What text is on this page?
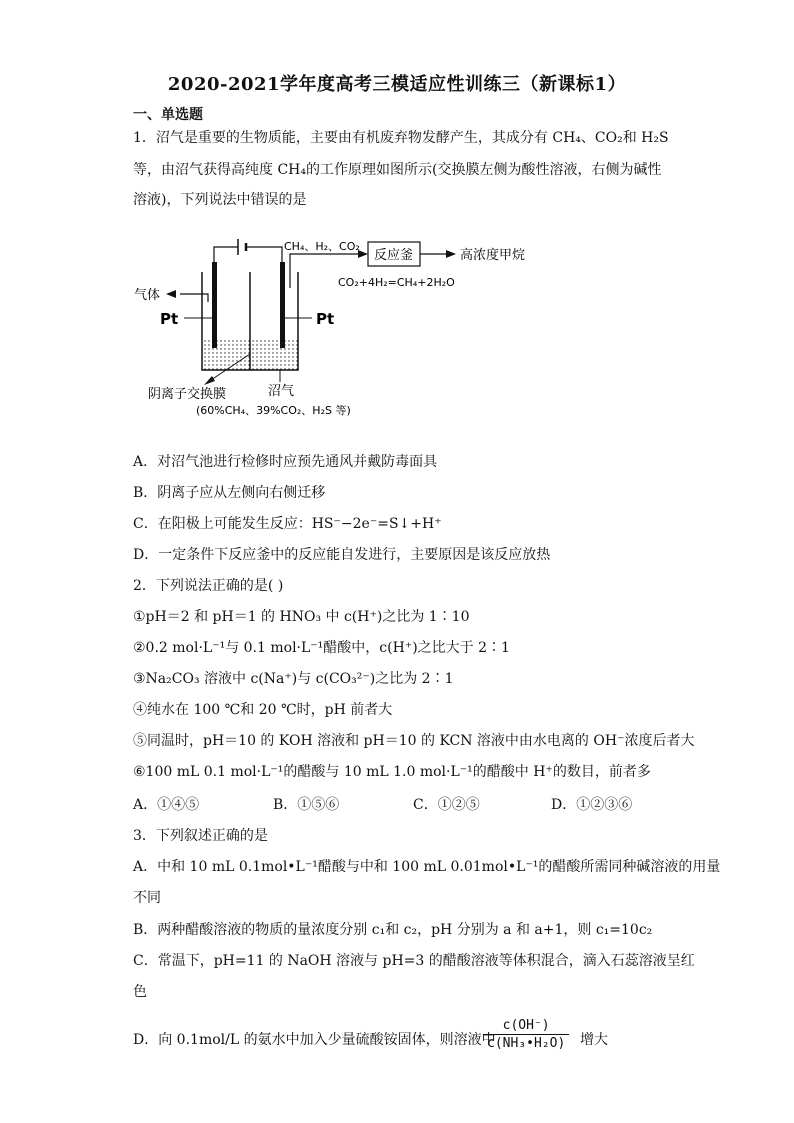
2020-2021学年度高考三模适应性训练三（新课标1）
一、单选题
1．沼气是重要的生物质能，主要由有机废弃物发酵产生，其成分有 CH₄、CO₂和 H₂S
等，由沼气获得高纯度 CH₄的工作原理如图所示(交换膜左侧为酸性溶液，右侧为碱性
溶液)，下列说法中错误的是
气体
CH₄、H₂、CO₂
反应釜	高浓度甲烷
CO₂+4H₂=CH₄+2H₂O
Pt	Pt
阴离子交换膜	沼气
(60%CH₄、39%CO₂、H₂S 等)
A．对沼气池进行检修时应预先通风并戴防毒面具
B．阴离子应从左侧向右侧迁移
C．在阳极上可能发生反应：HS⁻−2e⁻=S↓+H⁺
D．一定条件下反应釜中的反应能自发进行，主要原因是该反应放热
2．下列说法正确的是( )
①pH＝2 和 pH＝1 的 HNO₃ 中 c(H⁺)之比为 1∶10
②0.2 mol·L⁻¹与 0.1 mol·L⁻¹醋酸中，c(H⁺)之比大于 2∶1
③Na₂CO₃ 溶液中 c(Na⁺)与 c(CO₃²⁻)之比为 2∶1
④纯水在 100 ℃和 20 ℃时，pH 前者大
⑤同温时，pH＝10 的 KOH 溶液和 pH＝10 的 KCN 溶液中由水电离的 OH⁻浓度后者大
⑥100 mL 0.1 mol·L⁻¹的醋酸与 10 mL 1.0 mol·L⁻¹的醋酸中 H⁺的数目，前者多
A．①④⑤	B．①⑤⑥	C．①②⑤	D．①②③⑥
3．下列叙述正确的是
A．中和 10 mL 0.1mol•L⁻¹醋酸与中和 100 mL 0.01mol•L⁻¹的醋酸所需同种碱溶液的用量
不同
B．两种醋酸溶液的物质的量浓度分别 c₁和 c₂，pH 分别为 a 和 a+1，则 c₁=10c₂
C．常温下，pH=11 的 NaOH 溶液与 pH=3 的醋酸溶液等体积混合，滴入石蕊溶液呈红
色
D．向 0.1mol/L 的氨水中加入少量硫酸铵固体，则溶液中
$\frac{c(OH^-)}{\text{c(NH₃•H₂O)}}$ 增大
